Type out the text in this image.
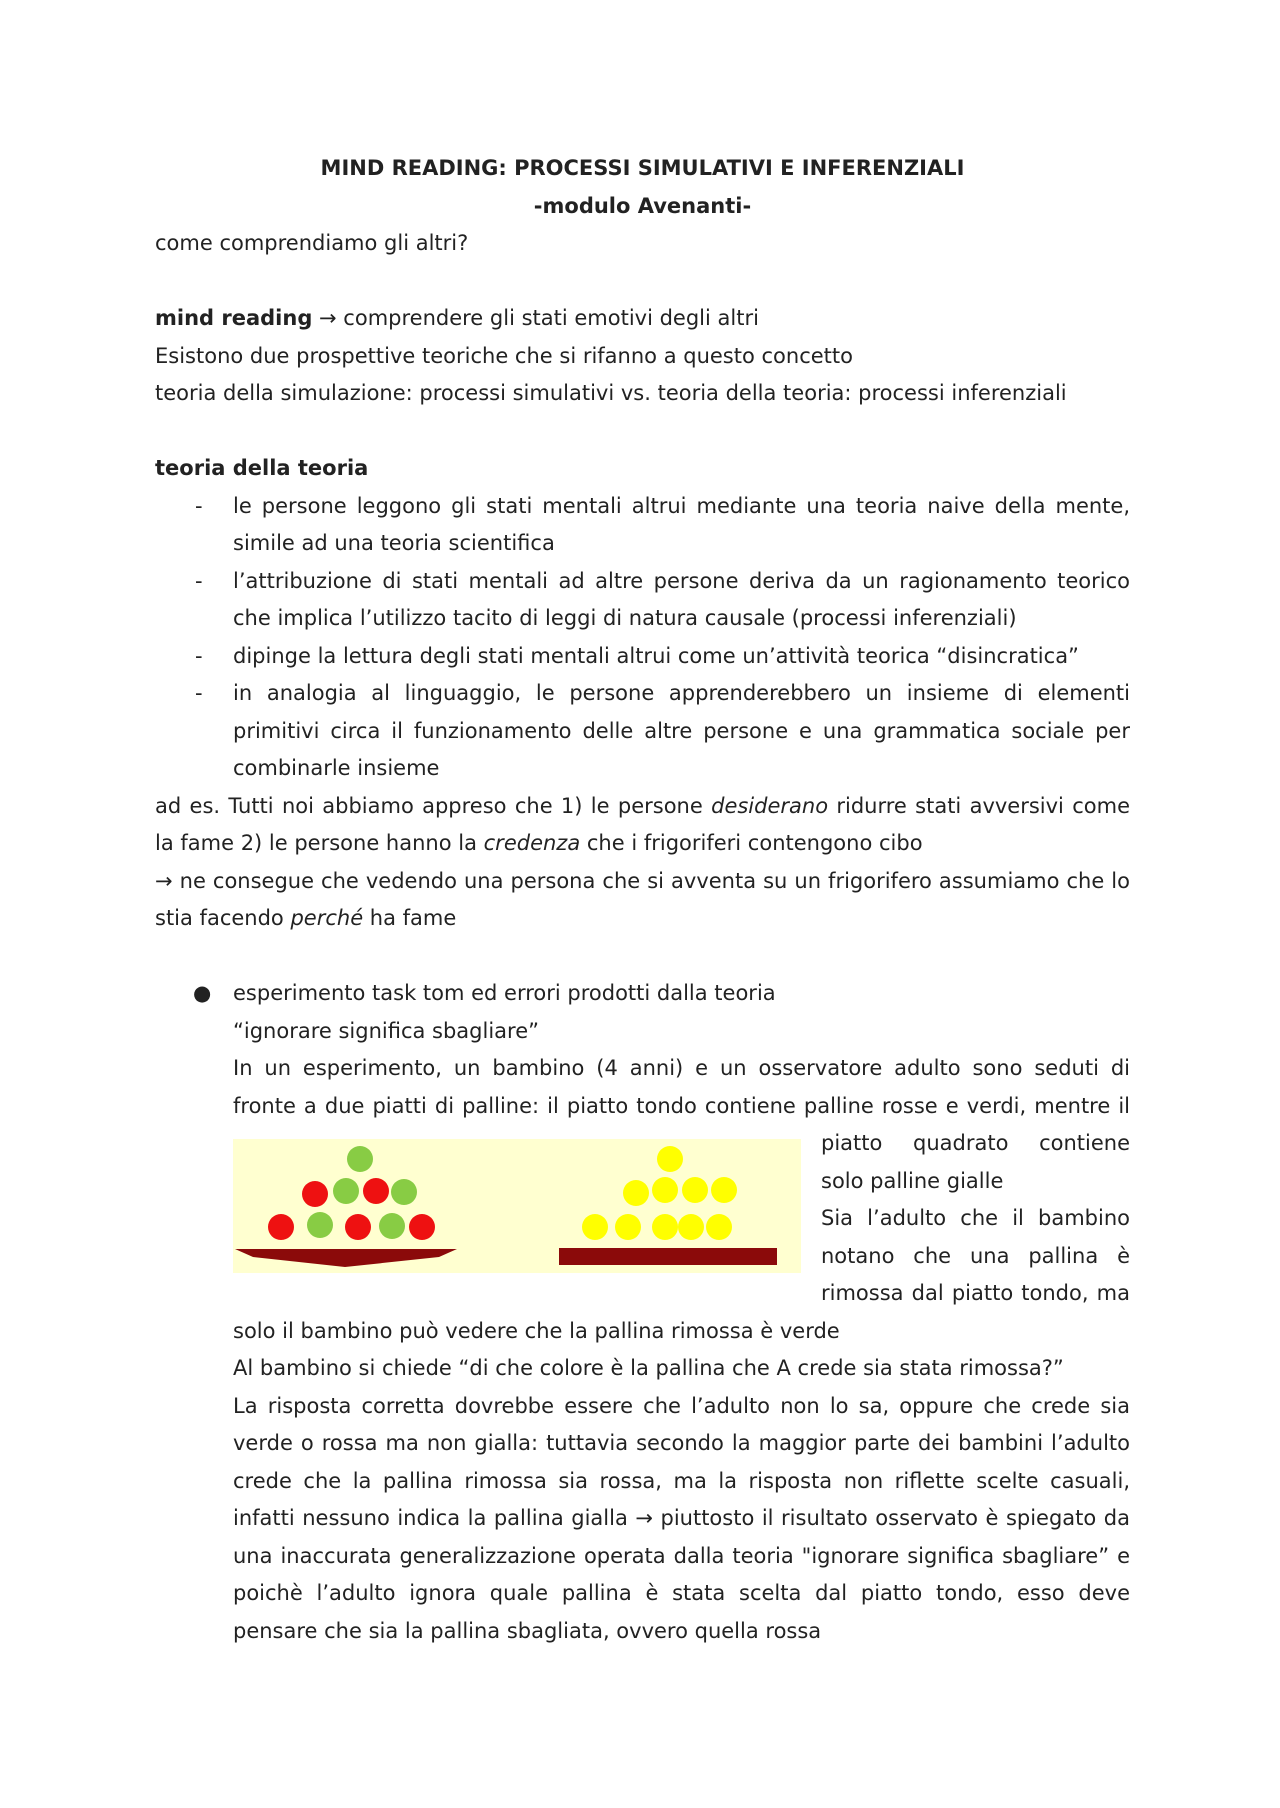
MIND READING: PROCESSI SIMULATIVI E INFERENZIALI

-modulo Avenanti-

come comprendiamo gli altri?

mind reading → comprendere gli stati emotivi degli altri

Esistono due prospettive teoriche che si rifanno a questo concetto

teoria della simulazione: processi simulativi vs. teoria della teoria: processi inferenziali

teoria della teoria

- le persone leggono gli stati mentali altrui mediante una teoria naive della mente, simile ad una teoria scientifica
- l’attribuzione di stati mentali ad altre persone deriva da un ragionamento teorico che implica l’utilizzo tacito di leggi di natura causale (processi inferenziali)
- dipinge la lettura degli stati mentali altrui come un’attività teorica “disincratica”
- in analogia al linguaggio, le persone apprenderebbero un insieme di elementi primitivi circa il funzionamento delle altre persone e una grammatica sociale per combinarle insieme

ad es. Tutti noi abbiamo appreso che 1) le persone desiderano ridurre stati avversivi come la fame 2) le persone hanno la credenza che i frigoriferi contengono cibo

→ ne consegue che vedendo una persona che si avventa su un frigorifero assumiamo che lo stia facendo perché ha fame

● esperimento task tom ed errori prodotti dalla teoria

“ignorare significa sbagliare”

In un esperimento, un bambino (4 anni) e un osservatore adulto sono seduti di fronte a due piatti di palline: il piatto tondo contiene palline rosse e verdi, mentre il piatto
quadrato contiene solo palline gialle
Sia l’adulto che il bambino notano che una pallina è rimossa dal piatto tondo, ma solo il bambino può vedere che la pallina rimossa è verde

Al bambino si chiede “di che colore è la pallina che A crede sia stata rimossa?”

La risposta corretta dovrebbe essere che l’adulto non lo sa, oppure che crede sia verde o rossa ma non gialla: tuttavia secondo la maggior parte dei bambini l’adulto crede che la pallina rimossa sia rossa, ma la risposta non riflette scelte casuali, infatti nessuno indica la pallina gialla → piuttosto il risultato osservato è spiegato da una inaccurata generalizzazione operata dalla teoria "ignorare significa sbagliare” e poichè l’adulto ignora quale pallina è stata scelta dal piatto tondo, esso deve pensare che sia la pallina sbagliata, ovvero quella rossa
